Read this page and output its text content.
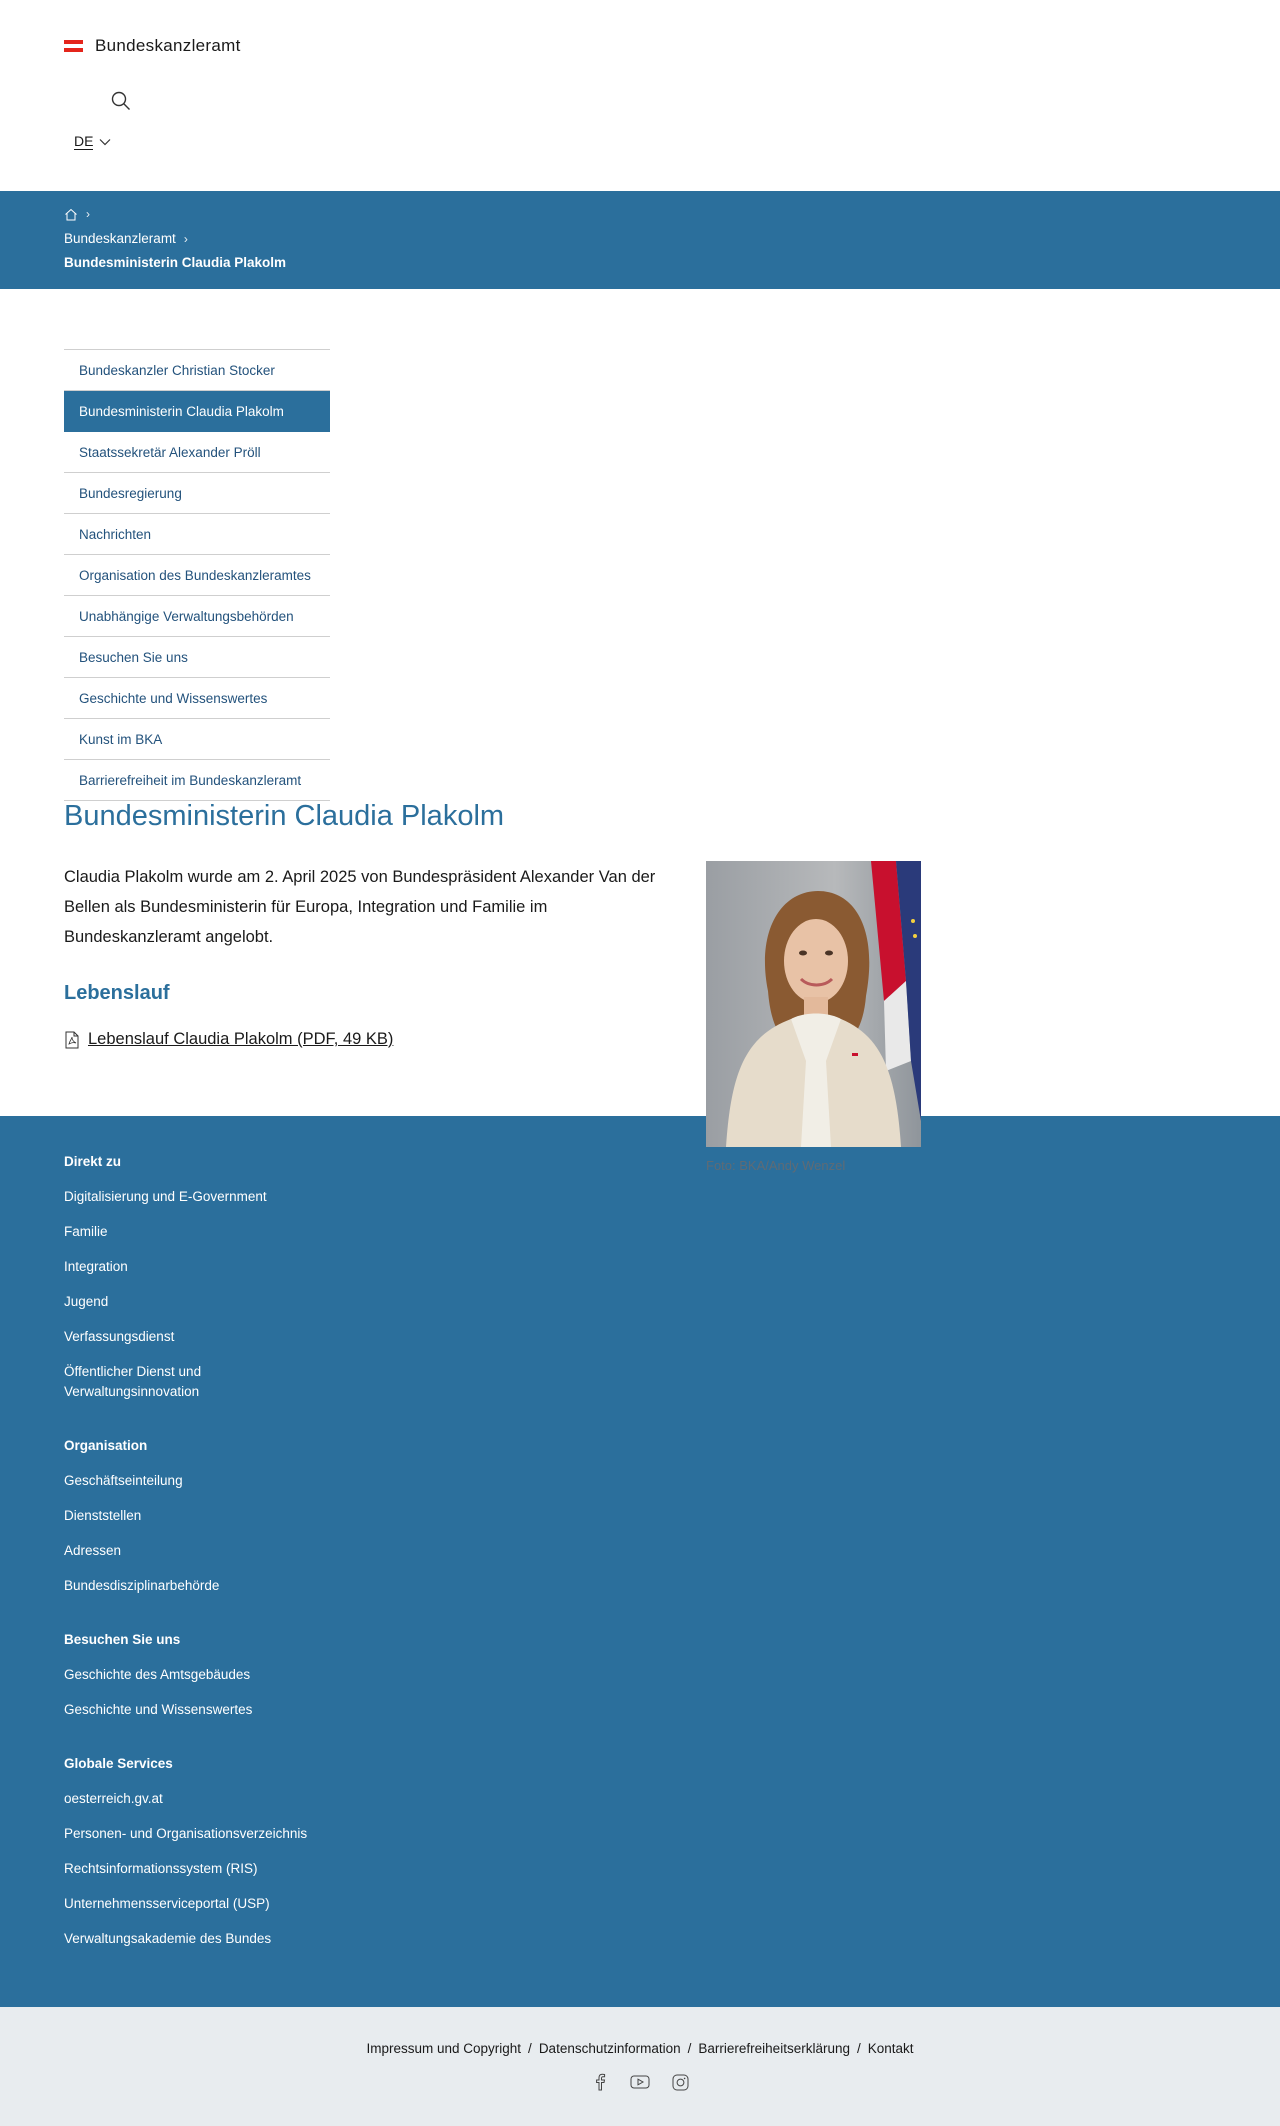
Bundeskanzleramt
DE
›
Bundeskanzleramt ›
Bundesministerin Claudia Plakolm
Bundeskanzler Christian Stocker
Bundesministerin Claudia Plakolm
Staatssekretär Alexander Pröll
Bundesregierung
Nachrichten
Organisation des Bundeskanzleramtes
Unabhängige Verwaltungsbehörden
Besuchen Sie uns
Geschichte und Wissenswertes
Kunst im BKA
Barrierefreiheit im Bundeskanzleramt
Bundesministerin Claudia Plakolm

Claudia Plakolm wurde am 2. April 2025 von Bundespräsident Alexander Van der Bellen als Bundesministerin für Europa, Integration und Familie im Bundeskanzleramt angelobt.

Lebenslauf
Lebenslauf Claudia Plakolm (PDF, 49 KB)
Direkt zu
Digitalisierung und E-Government
Familie
Integration
Jugend
Verfassungsdienst
Öffentlicher Dienst und Verwaltungsinnovation
Organisation
Geschäftseinteilung
Dienststellen
Adressen
Bundesdisziplinarbehörde
Besuchen Sie uns
Geschichte des Amtsgebäudes
Geschichte und Wissenswertes
Globale Services
oesterreich.gv.at
Personen- und Organisationsverzeichnis
Rechtsinformationssystem (RIS)
Unternehmensserviceportal (USP)
Verwaltungsakademie des Bundes
Foto: BKA/Andy Wenzel
Impressum und Copyright / Datenschutzinformation / Barrierefreiheitserklärung / Kontakt
